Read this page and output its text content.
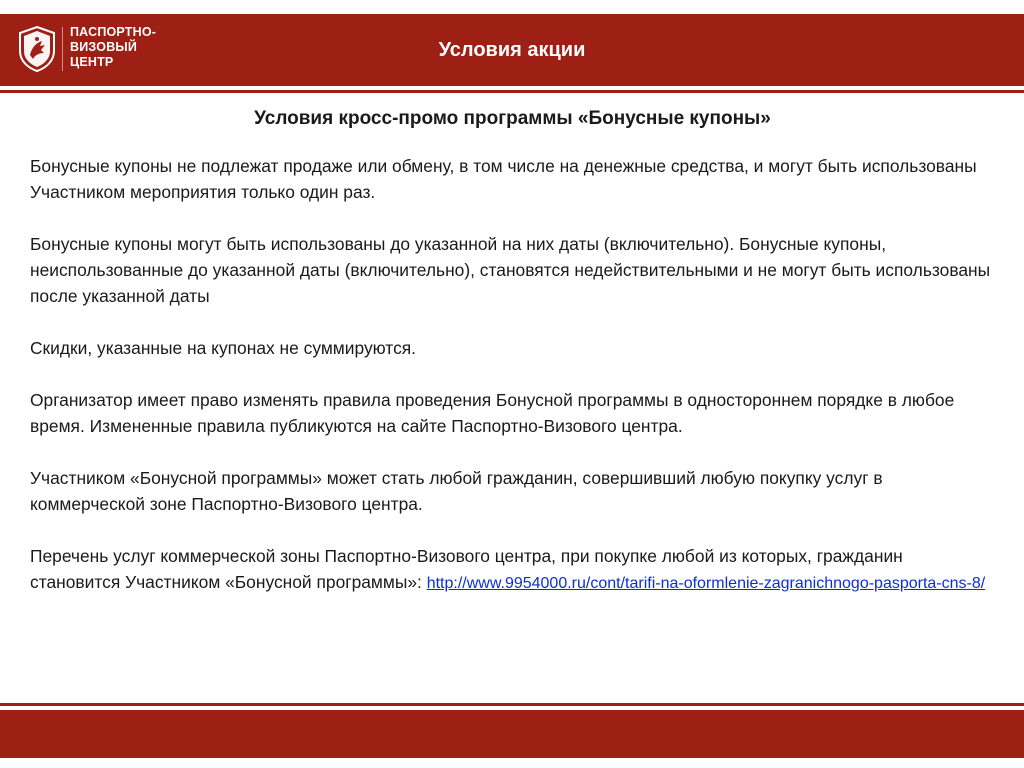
ПАСПОРТНО-
ВИЗОВЫЙ
ЦЕНТР
Условия акции
Условия кросс-промо программы «Бонусные купоны»

Бонусные купоны не подлежат продаже или обмену, в том числе на денежные средства, и могут быть использованы Участником мероприятия только один раз.

Бонусные купоны могут быть использованы до указанной на них даты (включительно). Бонусные купоны, неиспользованные до указанной даты (включительно), становятся недействительными и не могут быть использованы после указанной даты

Скидки, указанные на купонах не суммируются.

Организатор имеет право изменять правила проведения Бонусной программы в одностороннем порядке в любое время. Измененные правила публикуются на сайте Паспортно-Визового центра.

Участником «Бонусной программы» может стать любой гражданин, совершивший любую покупку услуг в коммерческой зоне Паспортно-Визового центра.

Перечень услуг коммерческой зоны Паспортно-Визового центра, при покупке любой из которых, гражданин становится Участником «Бонусной программы»: http://www.9954000.ru/cont/tarifi-na-oformlenie-zagranichnogo-pasporta-cns-8/
